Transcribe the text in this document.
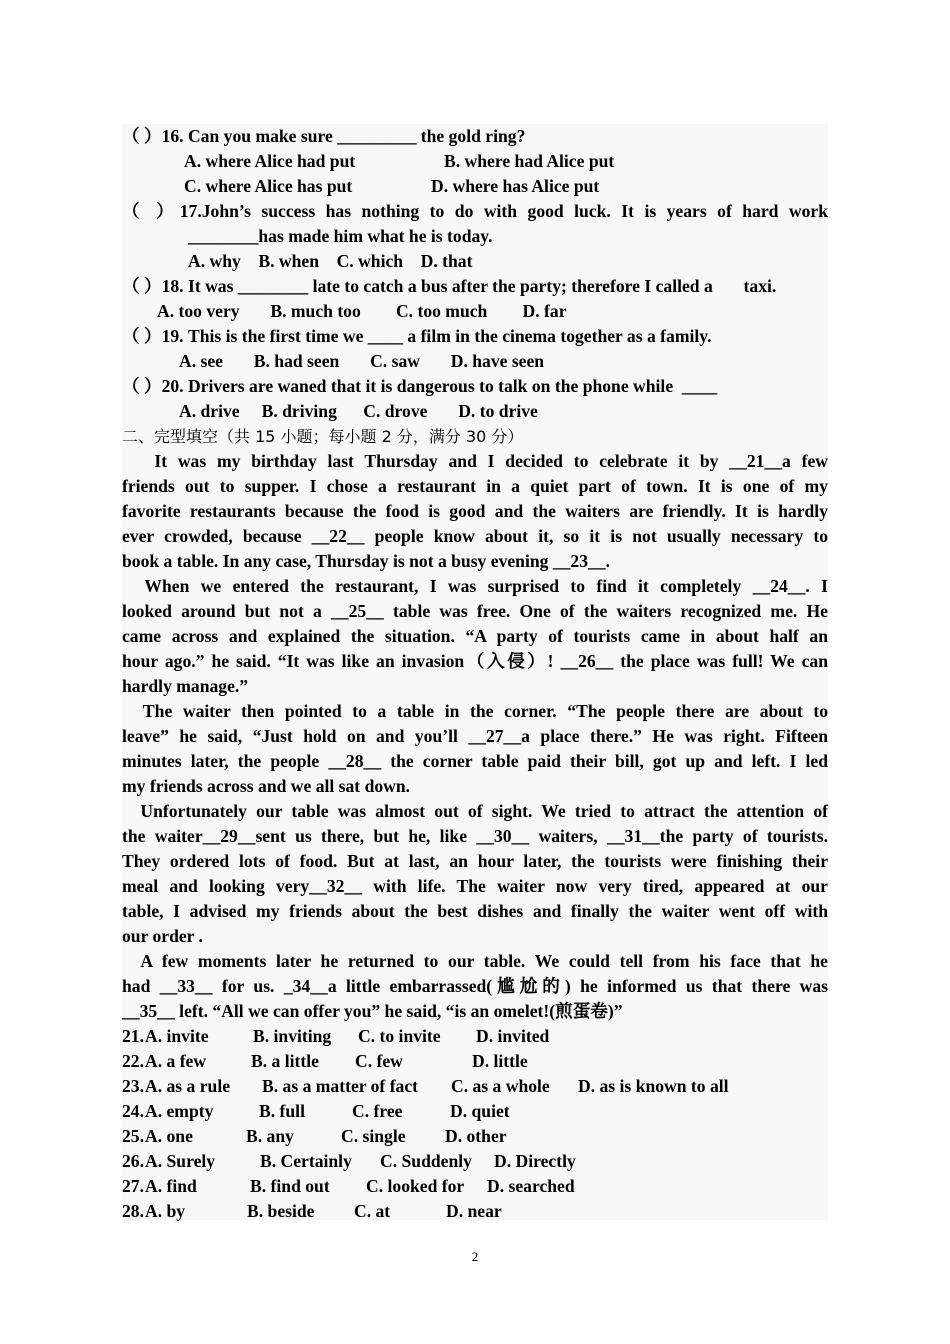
（ ）16. Can you make sure _________ the gold ring?
A. where Alice had put	B. where had Alice put
C. where Alice has put	D. where has Alice put
（ ）17.John’s success has nothing to do with good luck. It is years of hard work
________has made him what he is today.
A. why    B. when    C. which    D. that
（ ）18. It was ________ late to catch a bus after the party; therefore I called a       taxi.
A. too very       B. much too        C. too much        D. far
（ ）19. This is the first time we ____ a film in the cinema together as a family.
A. see       B. had seen       C. saw       D. have seen
（ ）20. Drivers are waned that it is dangerous to talk on the phone while  ____
A. drive     B. driving      C. drove       D. to drive
二、完型填空（共 15 小题；每小题 2 分，满分 30 分）
It was my birthday last Thursday and I decided to celebrate it by __21__a few
friends out to supper. I chose a restaurant in a quiet part of town. It is one of my
favorite restaurants because the food is good and the waiters are friendly. It is hardly
ever crowded, because __22__ people know about it, so it is not usually necessary to
book a table. In any case, Thursday is not a busy evening __23__.
When we entered the restaurant, I was surprised to find it completely __24__. I
looked around but not a __25__ table was free. One of the waiters recognized me. He
came across and explained the situation. “A party of tourists came in about half an
hour ago.” he said. “It was like an invasion（入侵）! __26__ the place was full! We can
hardly manage.”
The waiter then pointed to a table in the corner. “The people there are about to
leave” he said, “Just hold on and you’ll __27__a place there.” He was right. Fifteen
minutes later, the people __28__ the corner table paid their bill, got up and left. I led
my friends across and we all sat down.
Unfortunately our table was almost out of sight. We tried to attract the attention of
the waiter__29__sent us there, but he, like __30__ waiters, __31__the party of tourists.
They ordered lots of food. But at last, an hour later, the tourists were finishing their
meal and looking very__32__ with life. The waiter now very tired, appeared at our
table, I advised my friends about the best dishes and finally the waiter went off with
our order .
A few moments later he returned to our table. We could tell from his face that he
had __33__ for us. _34__a little embarrassed(尴尬的) he informed us that there was
__35__ left. “All we can offer you” he said, “is an omelet!(煎蛋卷)”
21. A. invite	B. inviting C. to invite D. invited
22. A. a few	B. a little C. few	D. little
23. A. as a rule B. as a matter of fact C. as a whole D. as is known to all
24. A. empty	B. full	C. free	D. quiet
25. A. one	B. any	C. single D. other
26. A. Surely	B. Certainly C. Suddenly D. Directly
27. A. find	B. find out C. looked for D. searched
28. A. by	B. beside C. at	D. near
2
